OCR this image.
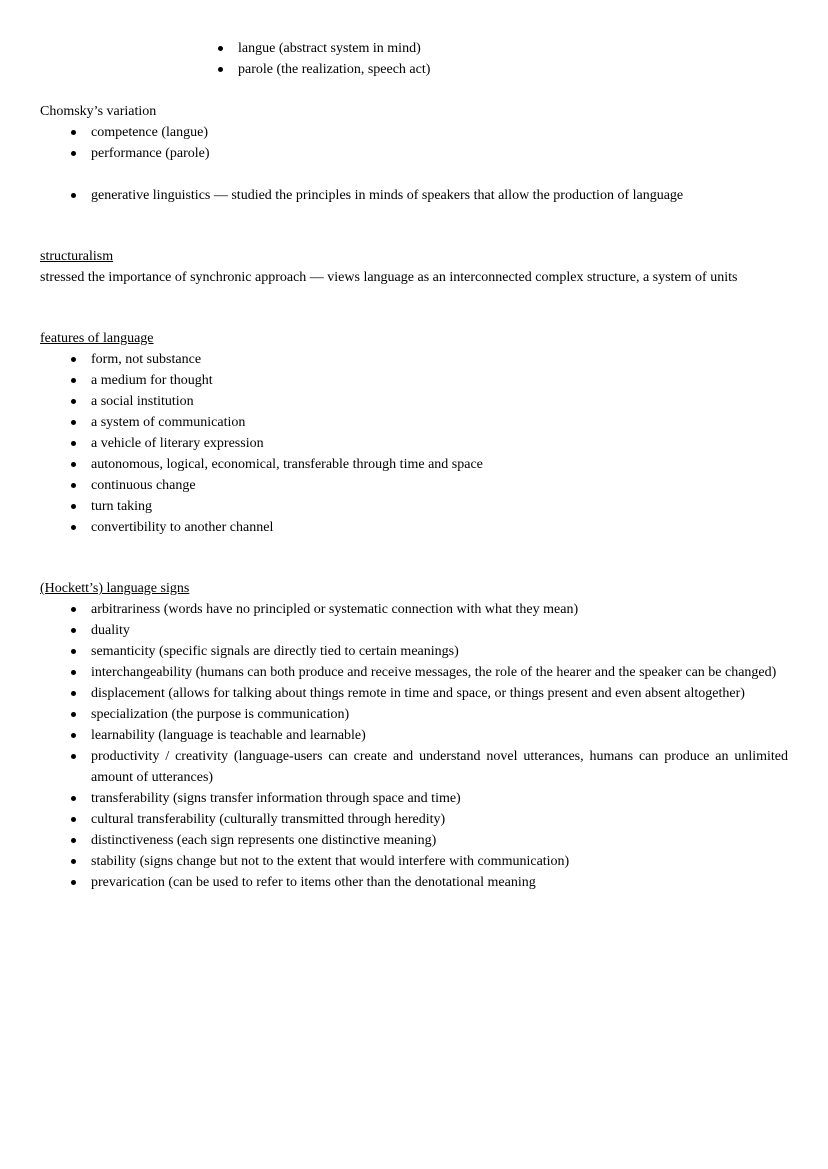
langue (abstract system in mind)
parole (the realization, speech act)
Chomsky’s variation
competence (langue)
performance (parole)
generative linguistics — studied the principles in minds of speakers that allow the production of language
structuralism

stressed the importance of synchronic approach — views language as an interconnected complex structure, a system of units

features of language
form, not substance
a medium for thought
a social institution
a system of communication
a vehicle of literary expression
autonomous, logical, economical, transferable through time and space
continuous change
turn taking
convertibility to another channel
(Hockett’s) language signs
arbitrariness (words have no principled or systematic connection with what they mean)
duality
semanticity (specific signals are directly tied to certain meanings)
interchangeability (humans can both produce and receive messages, the role of the hearer and the speaker can be changed)
displacement (allows for talking about things remote in time and space, or things present and even absent altogether)
specialization (the purpose is communication)
learnability (language is teachable and learnable)
productivity / creativity (language-users can create and understand novel utterances, humans can produce an unlimited amount of utterances)
transferability (signs transfer information through space and time)
cultural transferability (culturally transmitted through heredity)
distinctiveness (each sign represents one distinctive meaning)
stability (signs change but not to the extent that would interfere with communication)
prevarication (can be used to refer to items other than the denotational meaning
